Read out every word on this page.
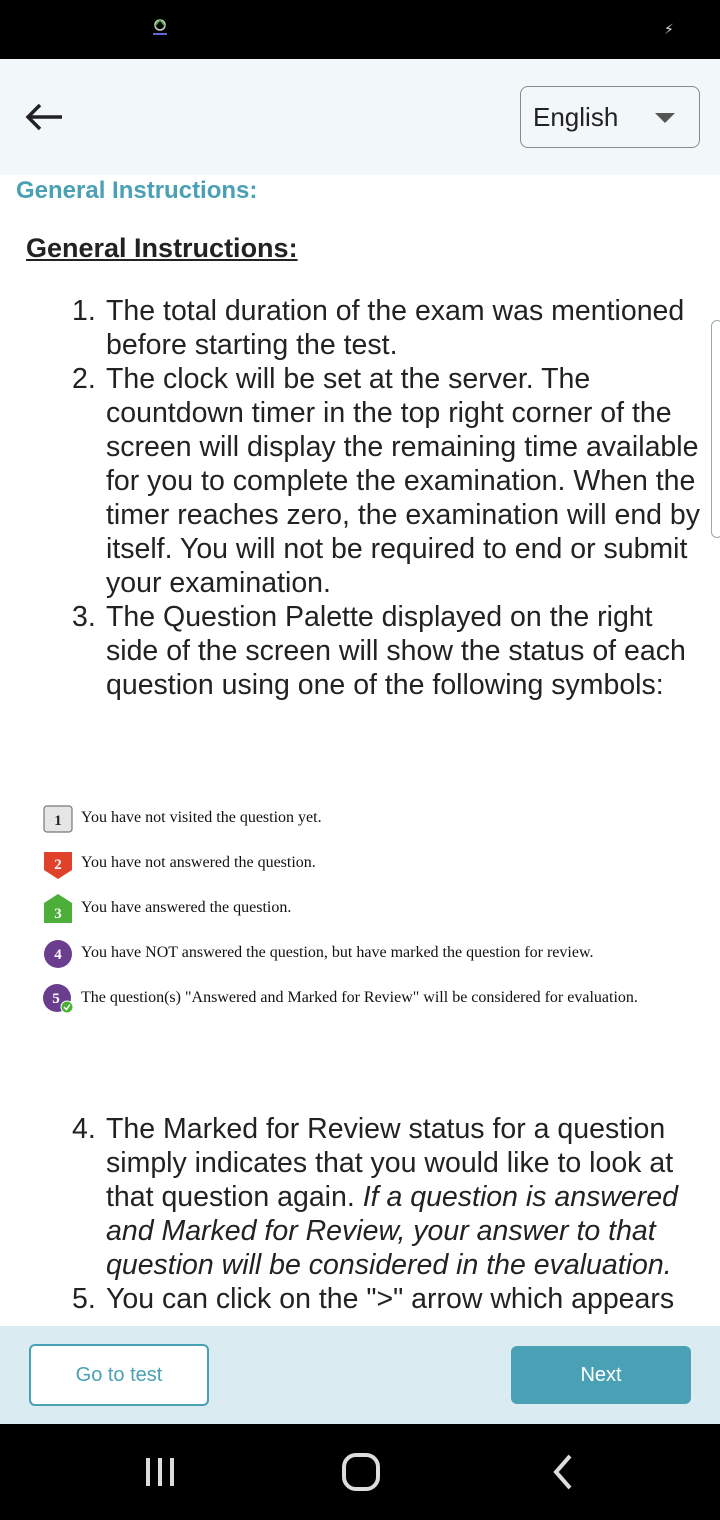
⚡
English
General Instructions:
General Instructions:
1. The total duration of the exam was mentioned before starting the test.
2. The clock will be set at the server. The countdown timer in the top right corner of the screen will display the remaining time available for you to complete the examination. When the timer reaches zero, the examination will end by itself. You will not be required to end or submit your examination.
3. The Question Palette displayed on the right side of the screen will show the status of each question using one of the following symbols:
1 You have not visited the question yet.
2 You have not answered the question.
3 You have answered the question.
4 You have NOT answered the question, but have marked the question for review.
5 The question(s) "Answered and Marked for Review" will be considered for evaluation.
4. The Marked for Review status for a question simply indicates that you would like to look at that question again. If a question is answered and Marked for Review, your answer to that question will be considered in the evaluation.
5. You can click on the ">" arrow which appears
Go to test	Next
